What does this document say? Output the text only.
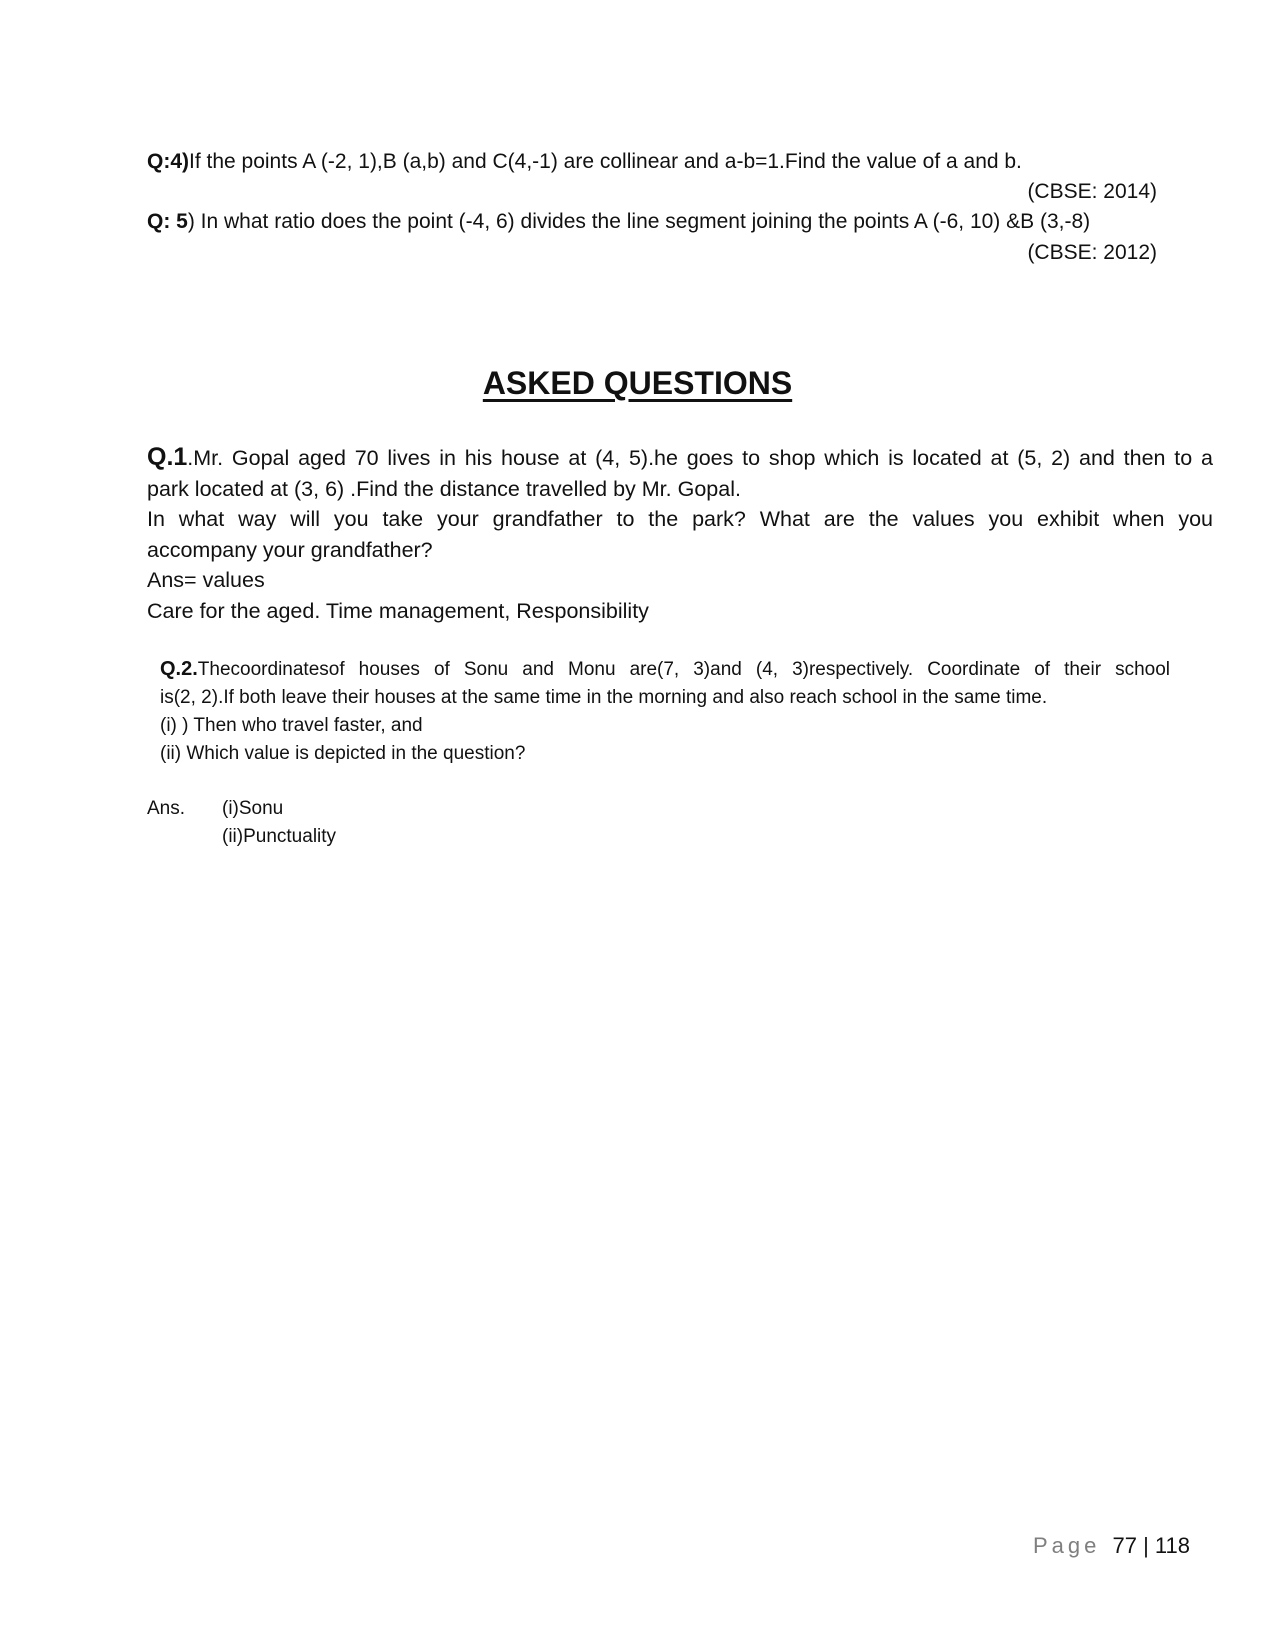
Q:4)If the points A (-2, 1),B (a,b) and C(4,-1) are collinear and a-b=1.Find the value of a and b.
(CBSE: 2014)
Q: 5) In what ratio does the point (-4, 6) divides the line segment joining the points A (-6, 10) &B (3,-8)
(CBSE: 2012)
ASKED QUESTIONS

Q.1.Mr. Gopal aged 70 lives in his house at (4, 5).he goes to shop which is located at (5, 2) and then to a

park located at (3, 6) .Find the distance travelled by Mr. Gopal.

In what way will you take your grandfather to the park? What are the values you exhibit when you

accompany your grandfather?

Ans= values

Care for the aged. Time management, Responsibility

Q.2.Thecoordinatesof houses of Sonu and Monu are(7, 3)and (4, 3)respectively. Coordinate of their school

is(2, 2).If both leave their houses at the same time in the morning and also reach school in the same time.

(i) ) Then who travel faster, and

(ii) Which value is depicted in the question?

Ans. (i)Sonu
(ii)Punctuality
Page 77 | 118
